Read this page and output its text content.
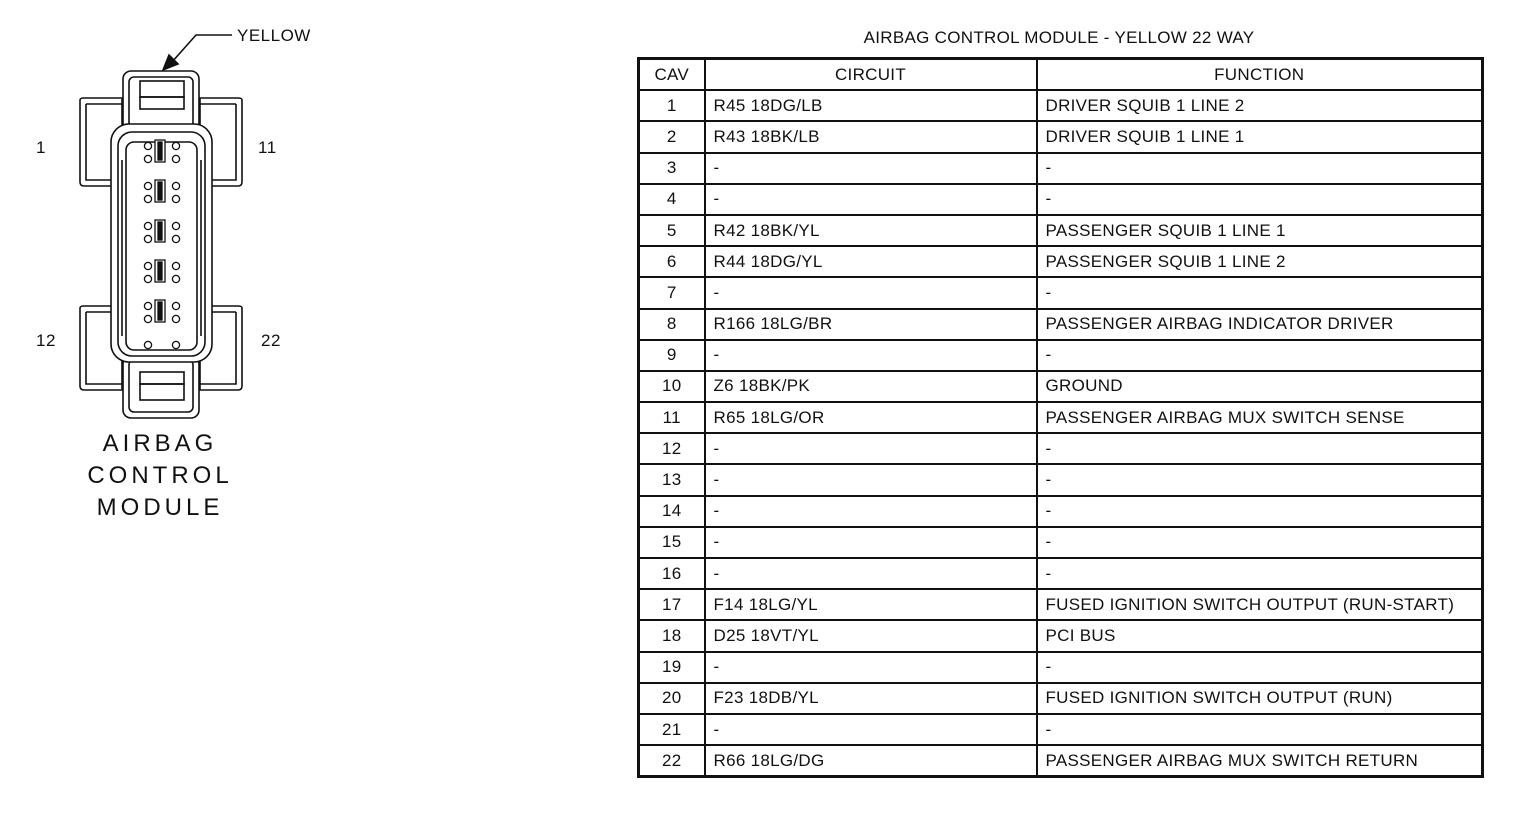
YELLOW
1	11
12	22
AIRBAG
CONTROL
MODULE
AIRBAG CONTROL MODULE - YELLOW 22 WAY
CAV	CIRCUIT	FUNCTION
1	R45 18DG/LB	DRIVER SQUIB 1 LINE 2
2	R43 18BK/LB	DRIVER SQUIB 1 LINE 1
3	-	-
4	-	-
5	R42 18BK/YL	PASSENGER SQUIB 1 LINE 1
6	R44 18DG/YL	PASSENGER SQUIB 1 LINE 2
7	-	-
8	R166 18LG/BR	PASSENGER AIRBAG INDICATOR DRIVER
9	-	-
10	Z6 18BK/PK	GROUND
11	R65 18LG/OR	PASSENGER AIRBAG MUX SWITCH SENSE
12	-	-
13	-	-
14	-	-
15	-	-
16	-	-
17	F14 18LG/YL	FUSED IGNITION SWITCH OUTPUT (RUN-START)
18	D25 18VT/YL	PCI BUS
19	-	-
20	F23 18DB/YL	FUSED IGNITION SWITCH OUTPUT (RUN)
21	-	-
22	R66 18LG/DG	PASSENGER AIRBAG MUX SWITCH RETURN
